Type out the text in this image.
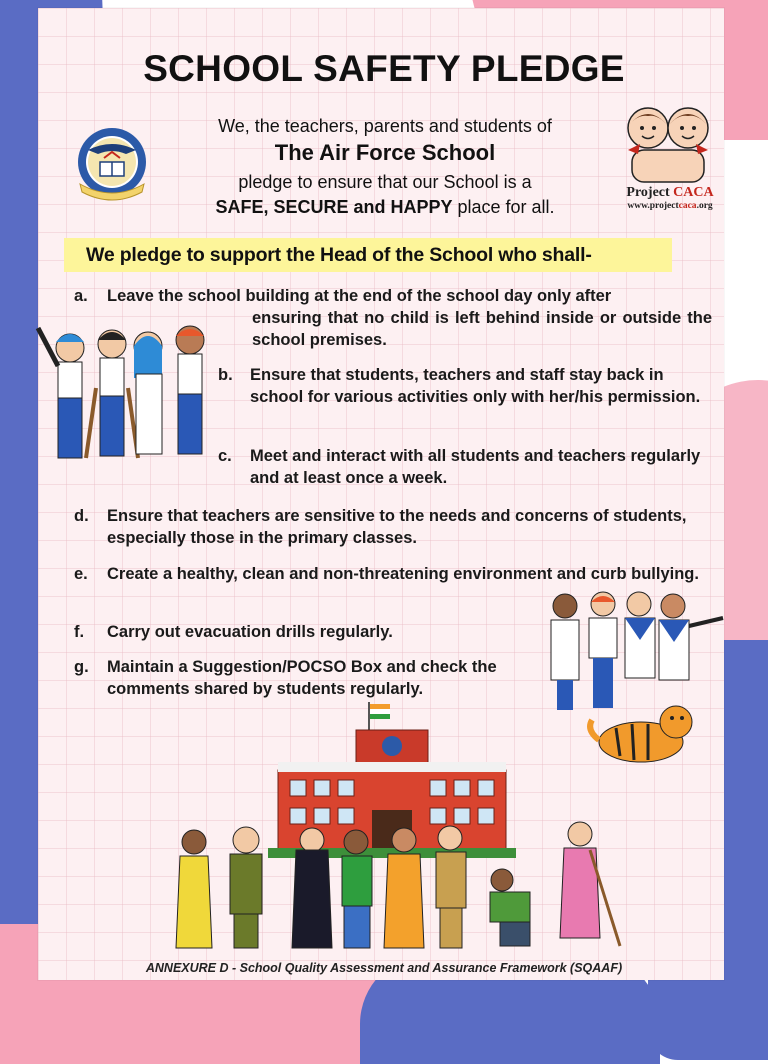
SCHOOL SAFETY PLEDGE
We, the teachers, parents and students of
The Air Force School
pledge to ensure that our School is a
SAFE, SECURE and HAPPY place for all.
Project CACA
www.projectcaca.org
We pledge to support the Head of the School who shall-
a. Leave the school building at the end of the school day only after
ensuring that no child is left behind inside or outside the school premises.
b.	Ensure that students, teachers and staff stay back in school for various activities only with her/his permission.
c.	Meet and interact with all students and teachers regularly and at least once a week.
d.	Ensure that teachers are sensitive to the needs and concerns of students, especially those in the primary classes.
e.	Create a healthy, clean and non-threatening environment and curb bullying.
f.	Carry out evacuation drills regularly.
g.	Maintain a Suggestion/POCSO Box and check the comments shared by students regularly.
ANNEXURE D - School Quality Assessment and Assurance Framework (SQAAF)
